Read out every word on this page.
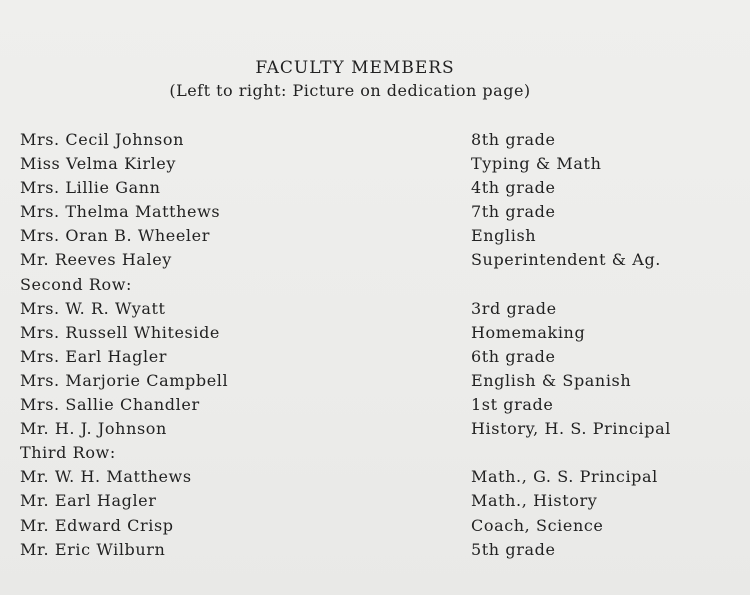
FACULTY MEMBERS
(Left to right: Picture on dedication page)
Mrs. Cecil Johnson	8th grade
Miss Velma Kirley	Typing & Math
Mrs. Lillie Gann	4th grade
Mrs. Thelma Matthews	7th grade
Mrs. Oran B. Wheeler	English
Mr. Reeves Haley	Superintendent & Ag.
Second Row:
Mrs. W. R. Wyatt	3rd grade
Mrs. Russell Whiteside	Homemaking
Mrs. Earl Hagler	6th grade
Mrs. Marjorie Campbell	English & Spanish
Mrs. Sallie Chandler	1st grade
Mr. H. J. Johnson	History, H. S. Principal
Third Row:
Mr. W. H. Matthews	Math., G. S. Principal
Mr. Earl Hagler	Math., History
Mr. Edward Crisp	Coach, Science
Mr. Eric Wilburn	5th grade
